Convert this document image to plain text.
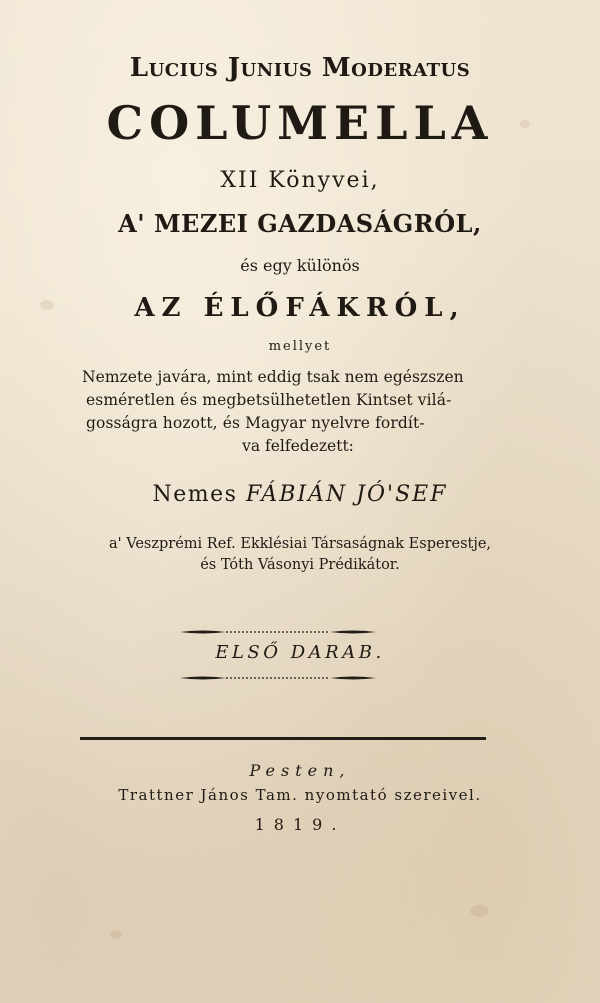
Lucius Junius Moderatus
COLUMELLA
XII Könyvei,
A' MEZEI GAZDASÁGRÓL,
és egy különös
AZ ÉLŐFÁKRÓL,
mellyet
Nemzete javára, mint eddig tsak nem egészszen
esméretlen és megbetsülhetetlen Kintset vilá-
gosságra hozott, és Magyar nyelvre fordít-
va felfedezett:
Nemes FÁBIÁN JÓ'SEF
a' Veszprémi Ref. Ekklésiai Társaságnak Esperestje,
és Tóth Vásonyi Prédikátor.
ELSŐ DARAB.
Pesten,
Trattner János Tam. nyomtató szereivel.
1819.
